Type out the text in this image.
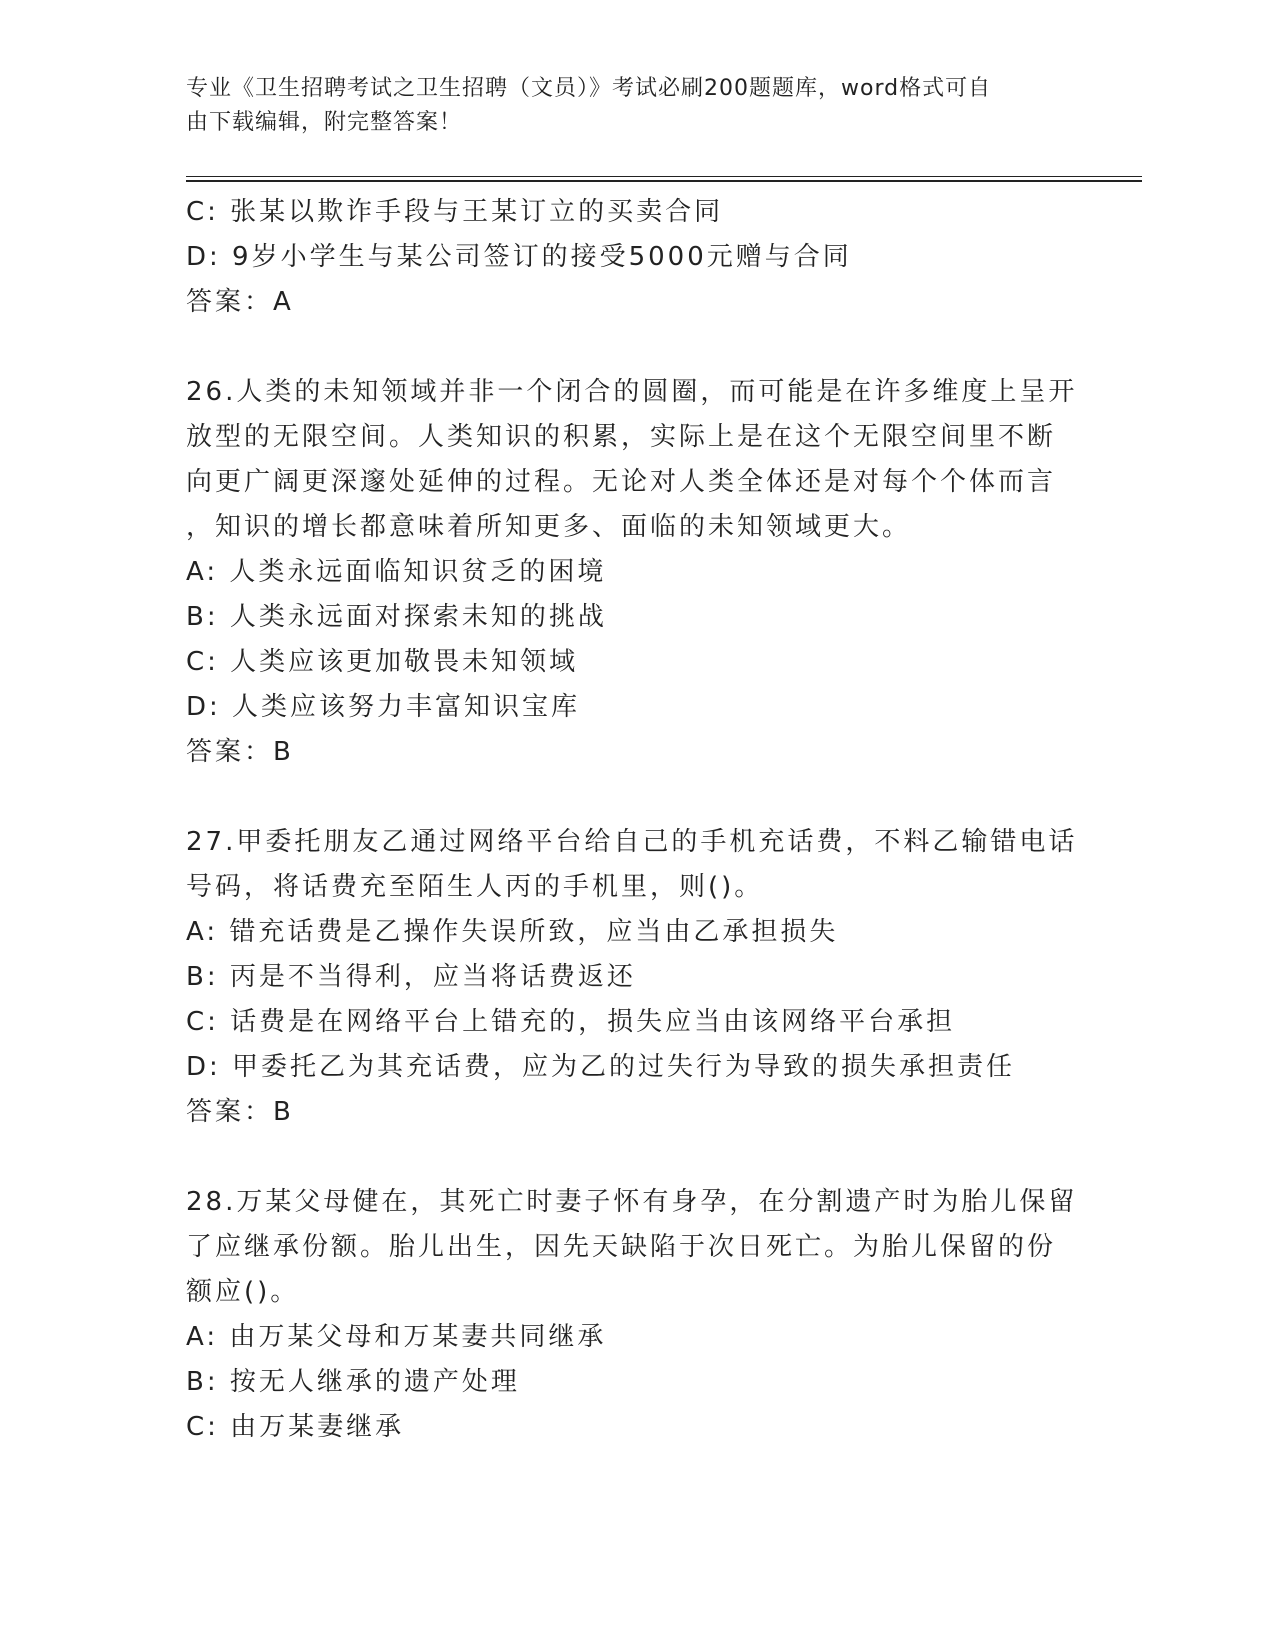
专业《卫生招聘考试之卫生招聘（文员）》考试必刷200题题库，word格式可自
由下载编辑，附完整答案！
C: 张某以欺诈手段与王某订立的买卖合同
D: 9岁小学生与某公司签订的接受5000元赠与合同
答案：A
26.人类的未知领域并非一个闭合的圆圈，而可能是在许多维度上呈开
放型的无限空间。人类知识的积累，实际上是在这个无限空间里不断
向更广阔更深邃处延伸的过程。无论对人类全体还是对每个个体而言
，知识的增长都意味着所知更多、面临的未知领域更大。
A: 人类永远面临知识贫乏的困境
B: 人类永远面对探索未知的挑战
C: 人类应该更加敬畏未知领域
D: 人类应该努力丰富知识宝库
答案：B
27.甲委托朋友乙通过网络平台给自己的手机充话费，不料乙输错电话
号码，将话费充至陌生人丙的手机里，则()。
A: 错充话费是乙操作失误所致，应当由乙承担损失
B: 丙是不当得利，应当将话费返还
C: 话费是在网络平台上错充的，损失应当由该网络平台承担
D: 甲委托乙为其充话费，应为乙的过失行为导致的损失承担责任
答案：B
28.万某父母健在，其死亡时妻子怀有身孕，在分割遗产时为胎儿保留
了应继承份额。胎儿出生，因先天缺陷于次日死亡。为胎儿保留的份
额应()。
A: 由万某父母和万某妻共同继承
B: 按无人继承的遗产处理
C: 由万某妻继承
